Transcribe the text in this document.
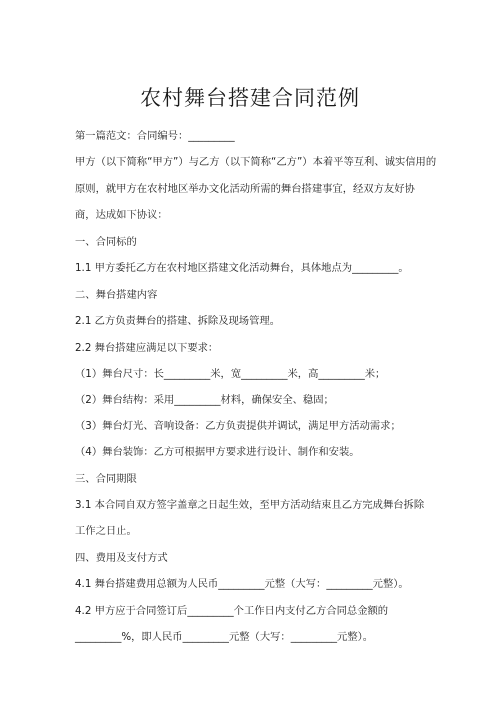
农村舞台搭建合同范例
第一篇范文：合同编号：_________
甲方（以下简称“甲方”）与乙方（以下简称“乙方”）本着平等互利、诚实信用的
原则，就甲方在农村地区举办文化活动所需的舞台搭建事宜，经双方友好协
商，达成如下协议：
一、合同标的
1.1 甲方委托乙方在农村地区搭建文化活动舞台，具体地点为_________。
二、舞台搭建内容
2.1 乙方负责舞台的搭建、拆除及现场管理。
2.2 舞台搭建应满足以下要求：
（1）舞台尺寸：长_________米，宽_________米，高_________米；
（2）舞台结构：采用_________材料，确保安全、稳固；
（3）舞台灯光、音响设备：乙方负责提供并调试，满足甲方活动需求；
（4）舞台装饰：乙方可根据甲方要求进行设计、制作和安装。
三、合同期限
3.1 本合同自双方签字盖章之日起生效，至甲方活动结束且乙方完成舞台拆除
工作之日止。
四、费用及支付方式
4.1 舞台搭建费用总额为人民币_________元整（大写：_________元整）。
4.2 甲方应于合同签订后_________个工作日内支付乙方合同总金额的
_________%，即人民币_________元整（大写：_________元整）。
